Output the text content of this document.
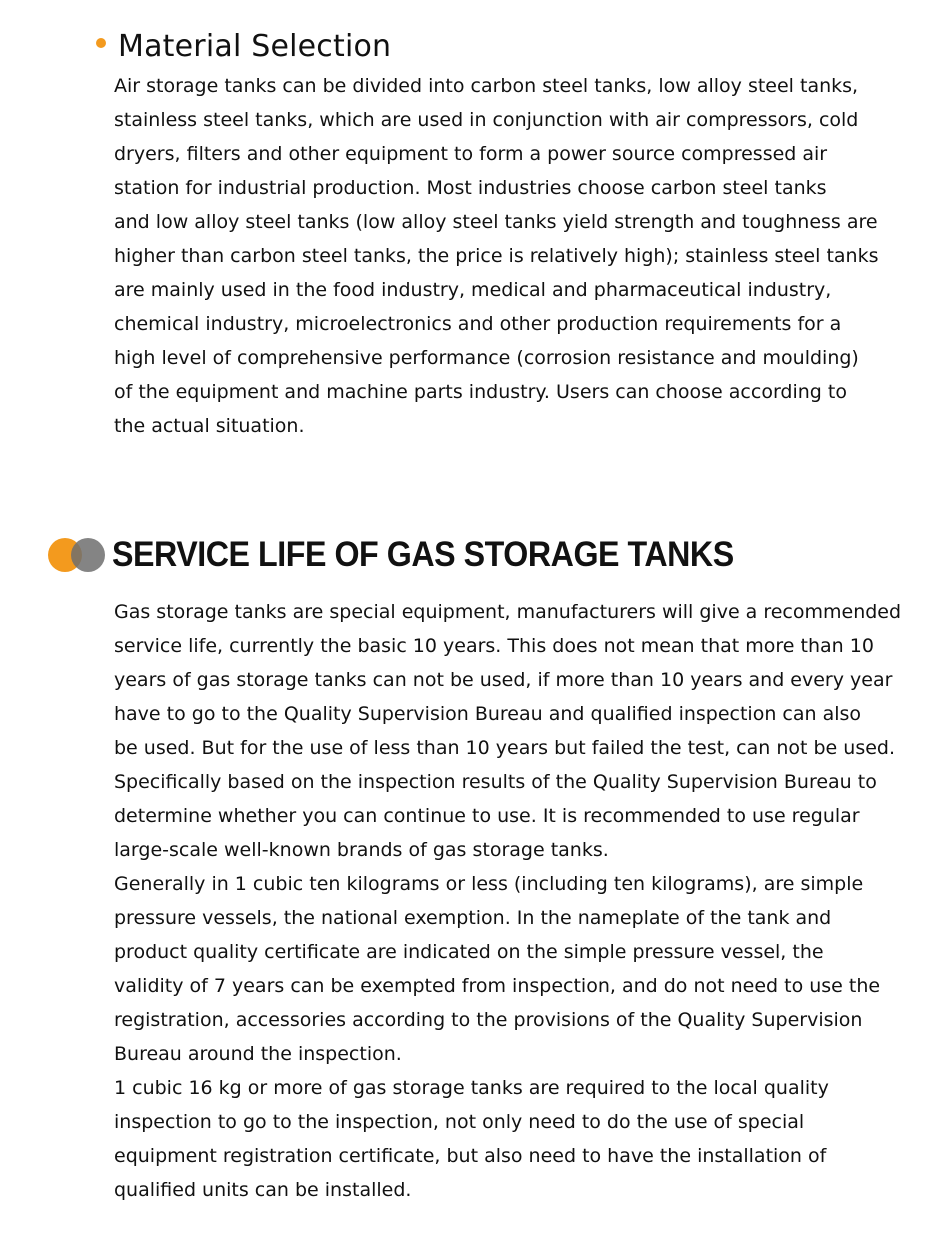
Material Selection

Air storage tanks can be divided into carbon steel tanks, low alloy steel tanks,
stainless steel tanks, which are used in conjunction with air compressors, cold
dryers, filters and other equipment to form a power source compressed air
station for industrial production. Most industries choose carbon steel tanks
and low alloy steel tanks (low alloy steel tanks yield strength and toughness are
higher than carbon steel tanks, the price is relatively high); stainless steel tanks
are mainly used in the food industry, medical and pharmaceutical industry,
chemical industry, microelectronics and other production requirements for a
high level of comprehensive performance (corrosion resistance and moulding)
of the equipment and machine parts industry. Users can choose according to
the actual situation.

SERVICE LIFE OF GAS STORAGE TANKS

Gas storage tanks are special equipment, manufacturers will give a recommended
service life, currently the basic 10 years. This does not mean that more than 10
years of gas storage tanks can not be used, if more than 10 years and every year
have to go to the Quality Supervision Bureau and qualified inspection can also
be used. But for the use of less than 10 years but failed the test, can not be used.
Specifically based on the inspection results of the Quality Supervision Bureau to
determine whether you can continue to use. It is recommended to use regular
large-scale well-known brands of gas storage tanks.

Generally in 1 cubic ten kilograms or less (including ten kilograms), are simple
pressure vessels, the national exemption. In the nameplate of the tank and
product quality certificate are indicated on the simple pressure vessel, the
validity of 7 years can be exempted from inspection, and do not need to use the
registration, accessories according to the provisions of the Quality Supervision
Bureau around the inspection.

1 cubic 16 kg or more of gas storage tanks are required to the local quality
inspection to go to the inspection, not only need to do the use of special
equipment registration certificate, but also need to have the installation of
qualified units can be installed.
